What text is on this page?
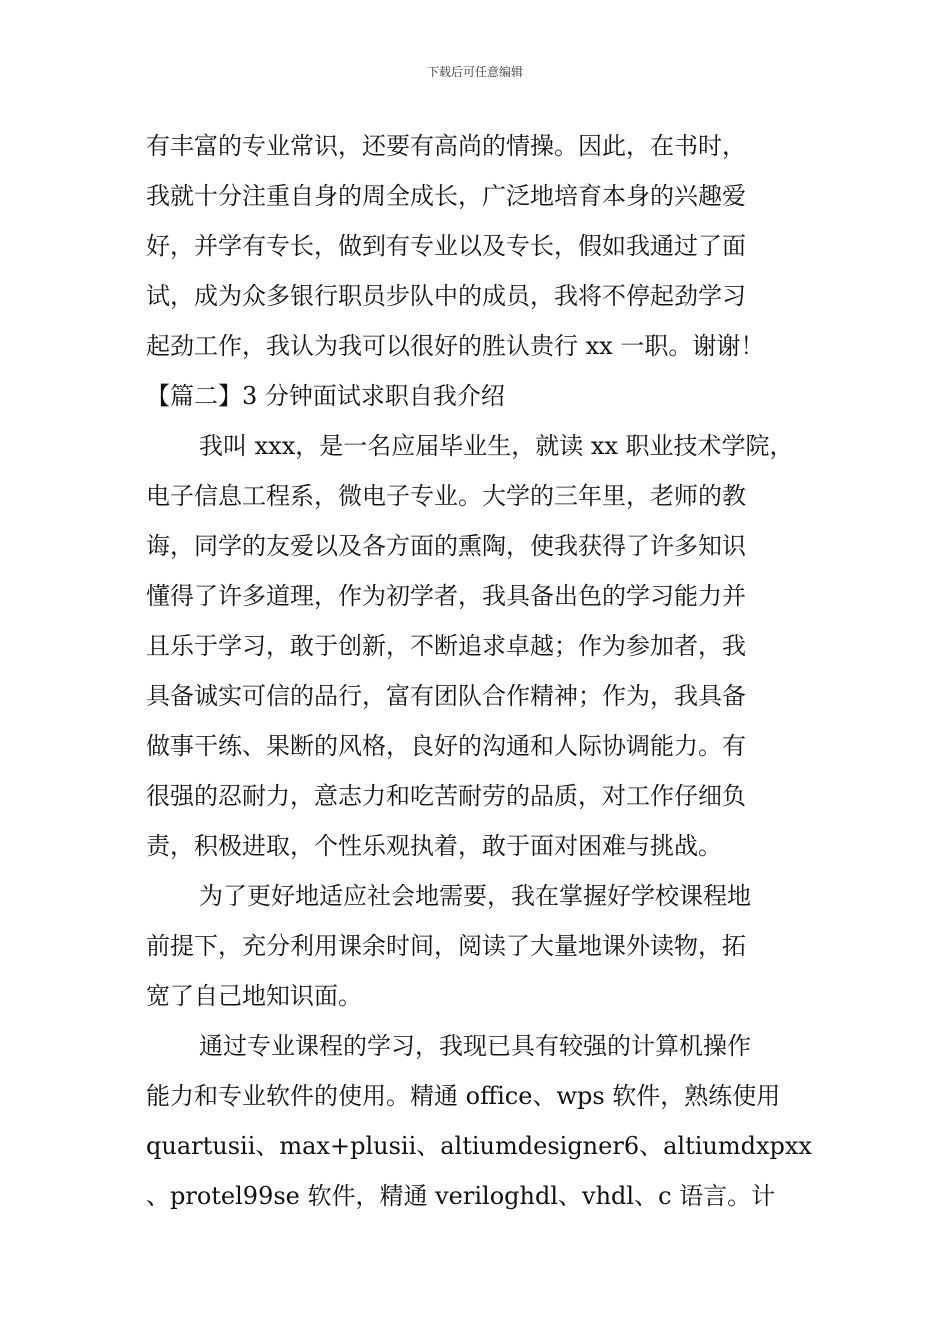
下载后可任意编辑
有丰富的专业常识，还要有高尚的情操。因此，在书时，
我就十分注重自身的周全成长，广泛地培育本身的兴趣爱
好，并学有专长，做到有专业以及专长，假如我通过了面
试，成为众多银行职员步队中的成员，我将不停起劲学习
起劲工作，我认为我可以很好的胜认贵行 xx 一职。谢谢！
【篇二】3 分钟面试求职自我介绍
我叫 xxx，是一名应届毕业生，就读 xx 职业技术学院，
电子信息工程系，微电子专业。大学的三年里，老师的教
诲，同学的友爱以及各方面的熏陶，使我获得了许多知识
懂得了许多道理，作为初学者，我具备出色的学习能力并
且乐于学习，敢于创新，不断追求卓越；作为参加者，我
具备诚实可信的品行，富有团队合作精神；作为，我具备
做事干练、果断的风格，良好的沟通和人际协调能力。有
很强的忍耐力，意志力和吃苦耐劳的品质，对工作仔细负
责，积极进取，个性乐观执着，敢于面对困难与挑战。
为了更好地适应社会地需要，我在掌握好学校课程地
前提下，充分利用课余时间，阅读了大量地课外读物，拓
宽了自己地知识面。
通过专业课程的学习，我现已具有较强的计算机操作
能力和专业软件的使用。精通 office、wps 软件，熟练使用
quartusii、max+plusii、altiumdesigner6、altiumdxpxx
、protel99se 软件，精通 veriloghdl、vhdl、c 语言。计
